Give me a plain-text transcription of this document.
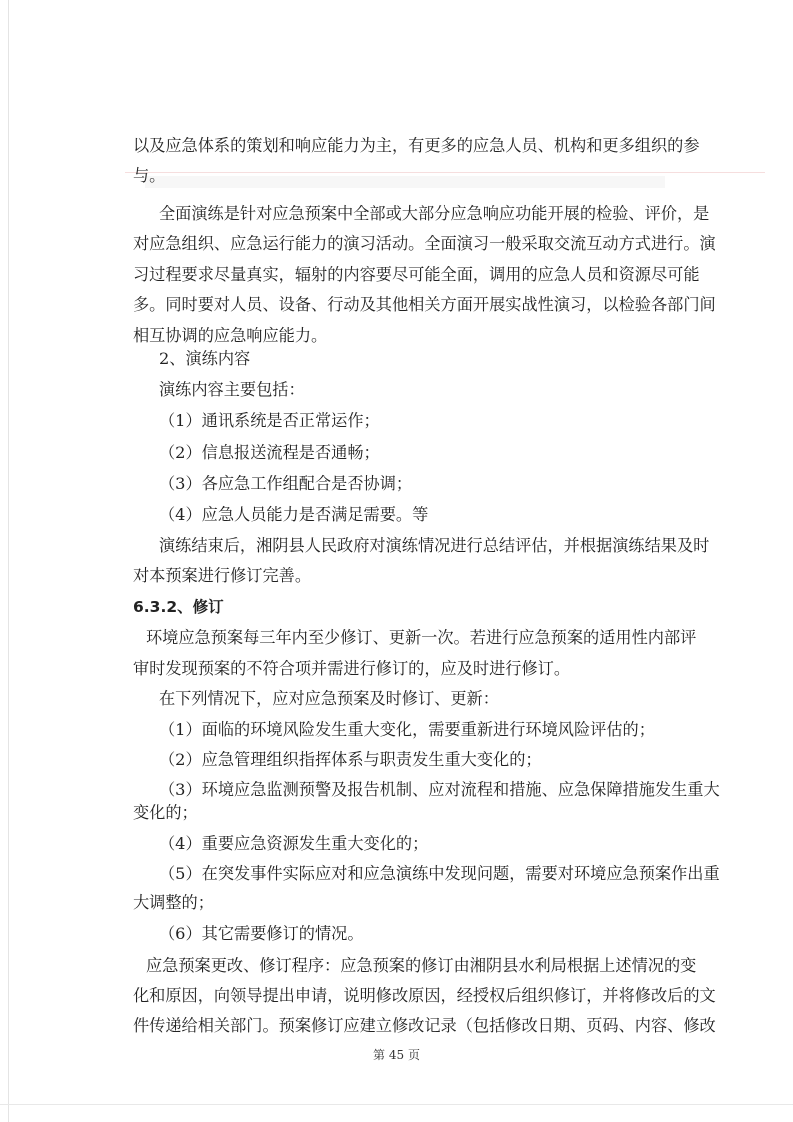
以及应急体系的策划和响应能力为主，有更多的应急人员、机构和更多组织的参
与。
全面演练是针对应急预案中全部或大部分应急响应功能开展的检验、评价，是
对应急组织、应急运行能力的演习活动。全面演习一般采取交流互动方式进行。演
习过程要求尽量真实，辐射的内容要尽可能全面，调用的应急人员和资源尽可能
多。同时要对人员、设备、行动及其他相关方面开展实战性演习，以检验各部门间
相互协调的应急响应能力。
2、演练内容
演练内容主要包括：
（1）通讯系统是否正常运作；
（2）信息报送流程是否通畅；
（3）各应急工作组配合是否协调；
（4）应急人员能力是否满足需要。等
演练结束后，湘阴县人民政府对演练情况进行总结评估，并根据演练结果及时
对本预案进行修订完善。
6.3.2、修订
环境应急预案每三年内至少修订、更新一次。若进行应急预案的适用性内部评
审时发现预案的不符合项并需进行修订的，应及时进行修订。
在下列情况下，应对应急预案及时修订、更新：
（1）面临的环境风险发生重大变化，需要重新进行环境风险评估的；
（2）应急管理组织指挥体系与职责发生重大变化的；
（3）环境应急监测预警及报告机制、应对流程和措施、应急保障措施发生重大
变化的；
（4）重要应急资源发生重大变化的；
（5）在突发事件实际应对和应急演练中发现问题，需要对环境应急预案作出重
大调整的；
（6）其它需要修订的情况。
应急预案更改、修订程序：应急预案的修订由湘阴县水利局根据上述情况的变
化和原因，向领导提出申请，说明修改原因，经授权后组织修订，并将修改后的文
件传递给相关部门。预案修订应建立修改记录（包括修改日期、页码、内容、修改
第 45 页
